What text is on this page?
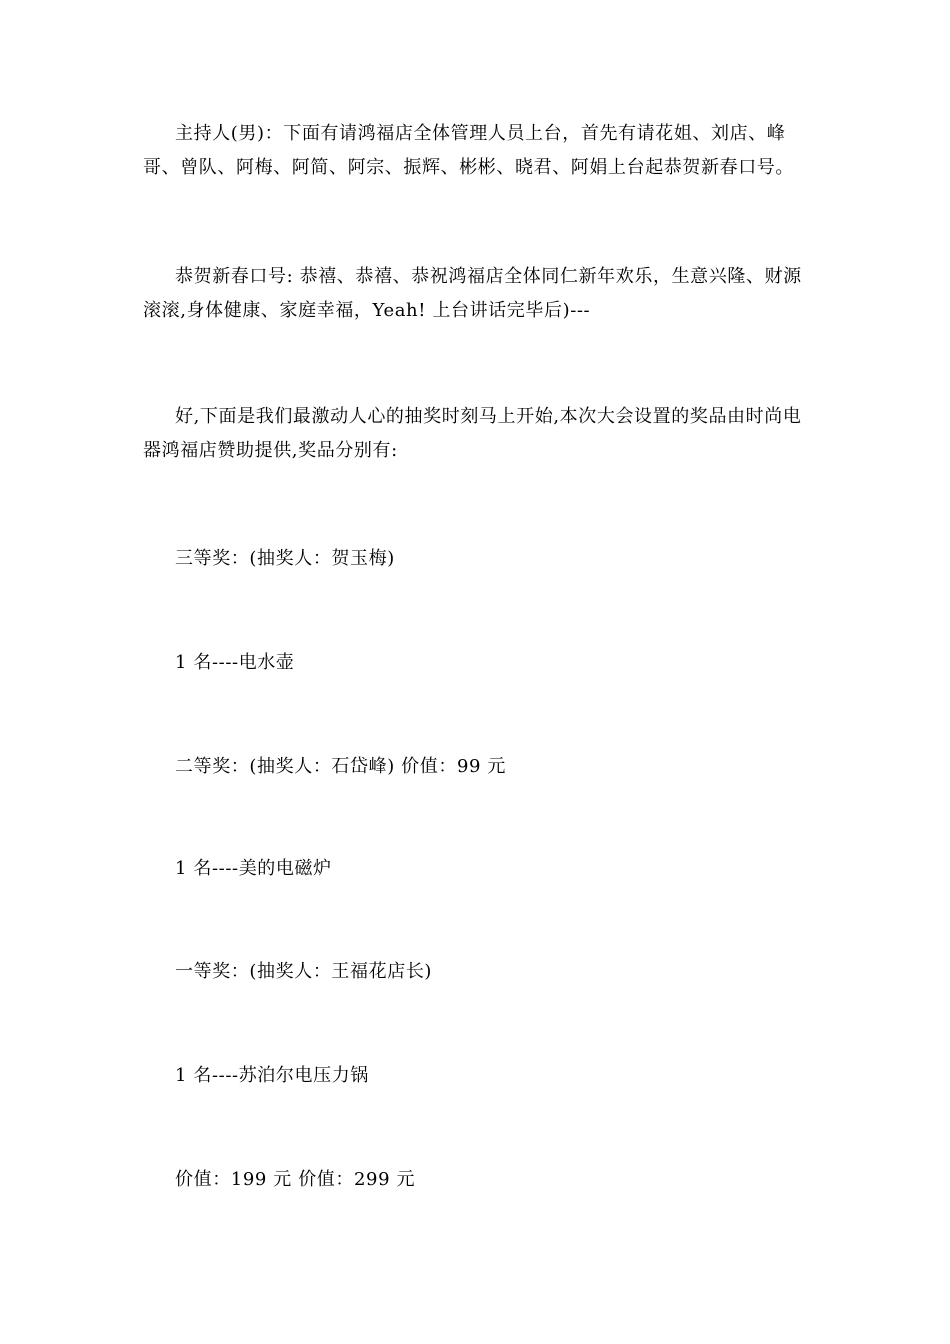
主持人(男)：下面有请鸿福店全体管理人员上台，首先有请花姐、刘店、峰哥、曾队、阿梅、阿简、阿宗、振辉、彬彬、晓君、阿娟上台起恭贺新春口号。

恭贺新春口号: 恭禧、恭禧、恭祝鸿福店全体同仁新年欢乐，生意兴隆、财源滚滚,身体健康、家庭幸福，Yeah! 上台讲话完毕后)---

好,下面是我们最激动人心的抽奖时刻马上开始,本次大会设置的奖品由时尚电器鸿福店赞助提供,奖品分别有:

三等奖：(抽奖人：贺玉梅)

1 名----电水壶

二等奖：(抽奖人：石岱峰) 价值：99 元

1 名----美的电磁炉

一等奖：(抽奖人：王福花店长)

1 名----苏泊尔电压力锅

价值：199 元 价值：299 元
